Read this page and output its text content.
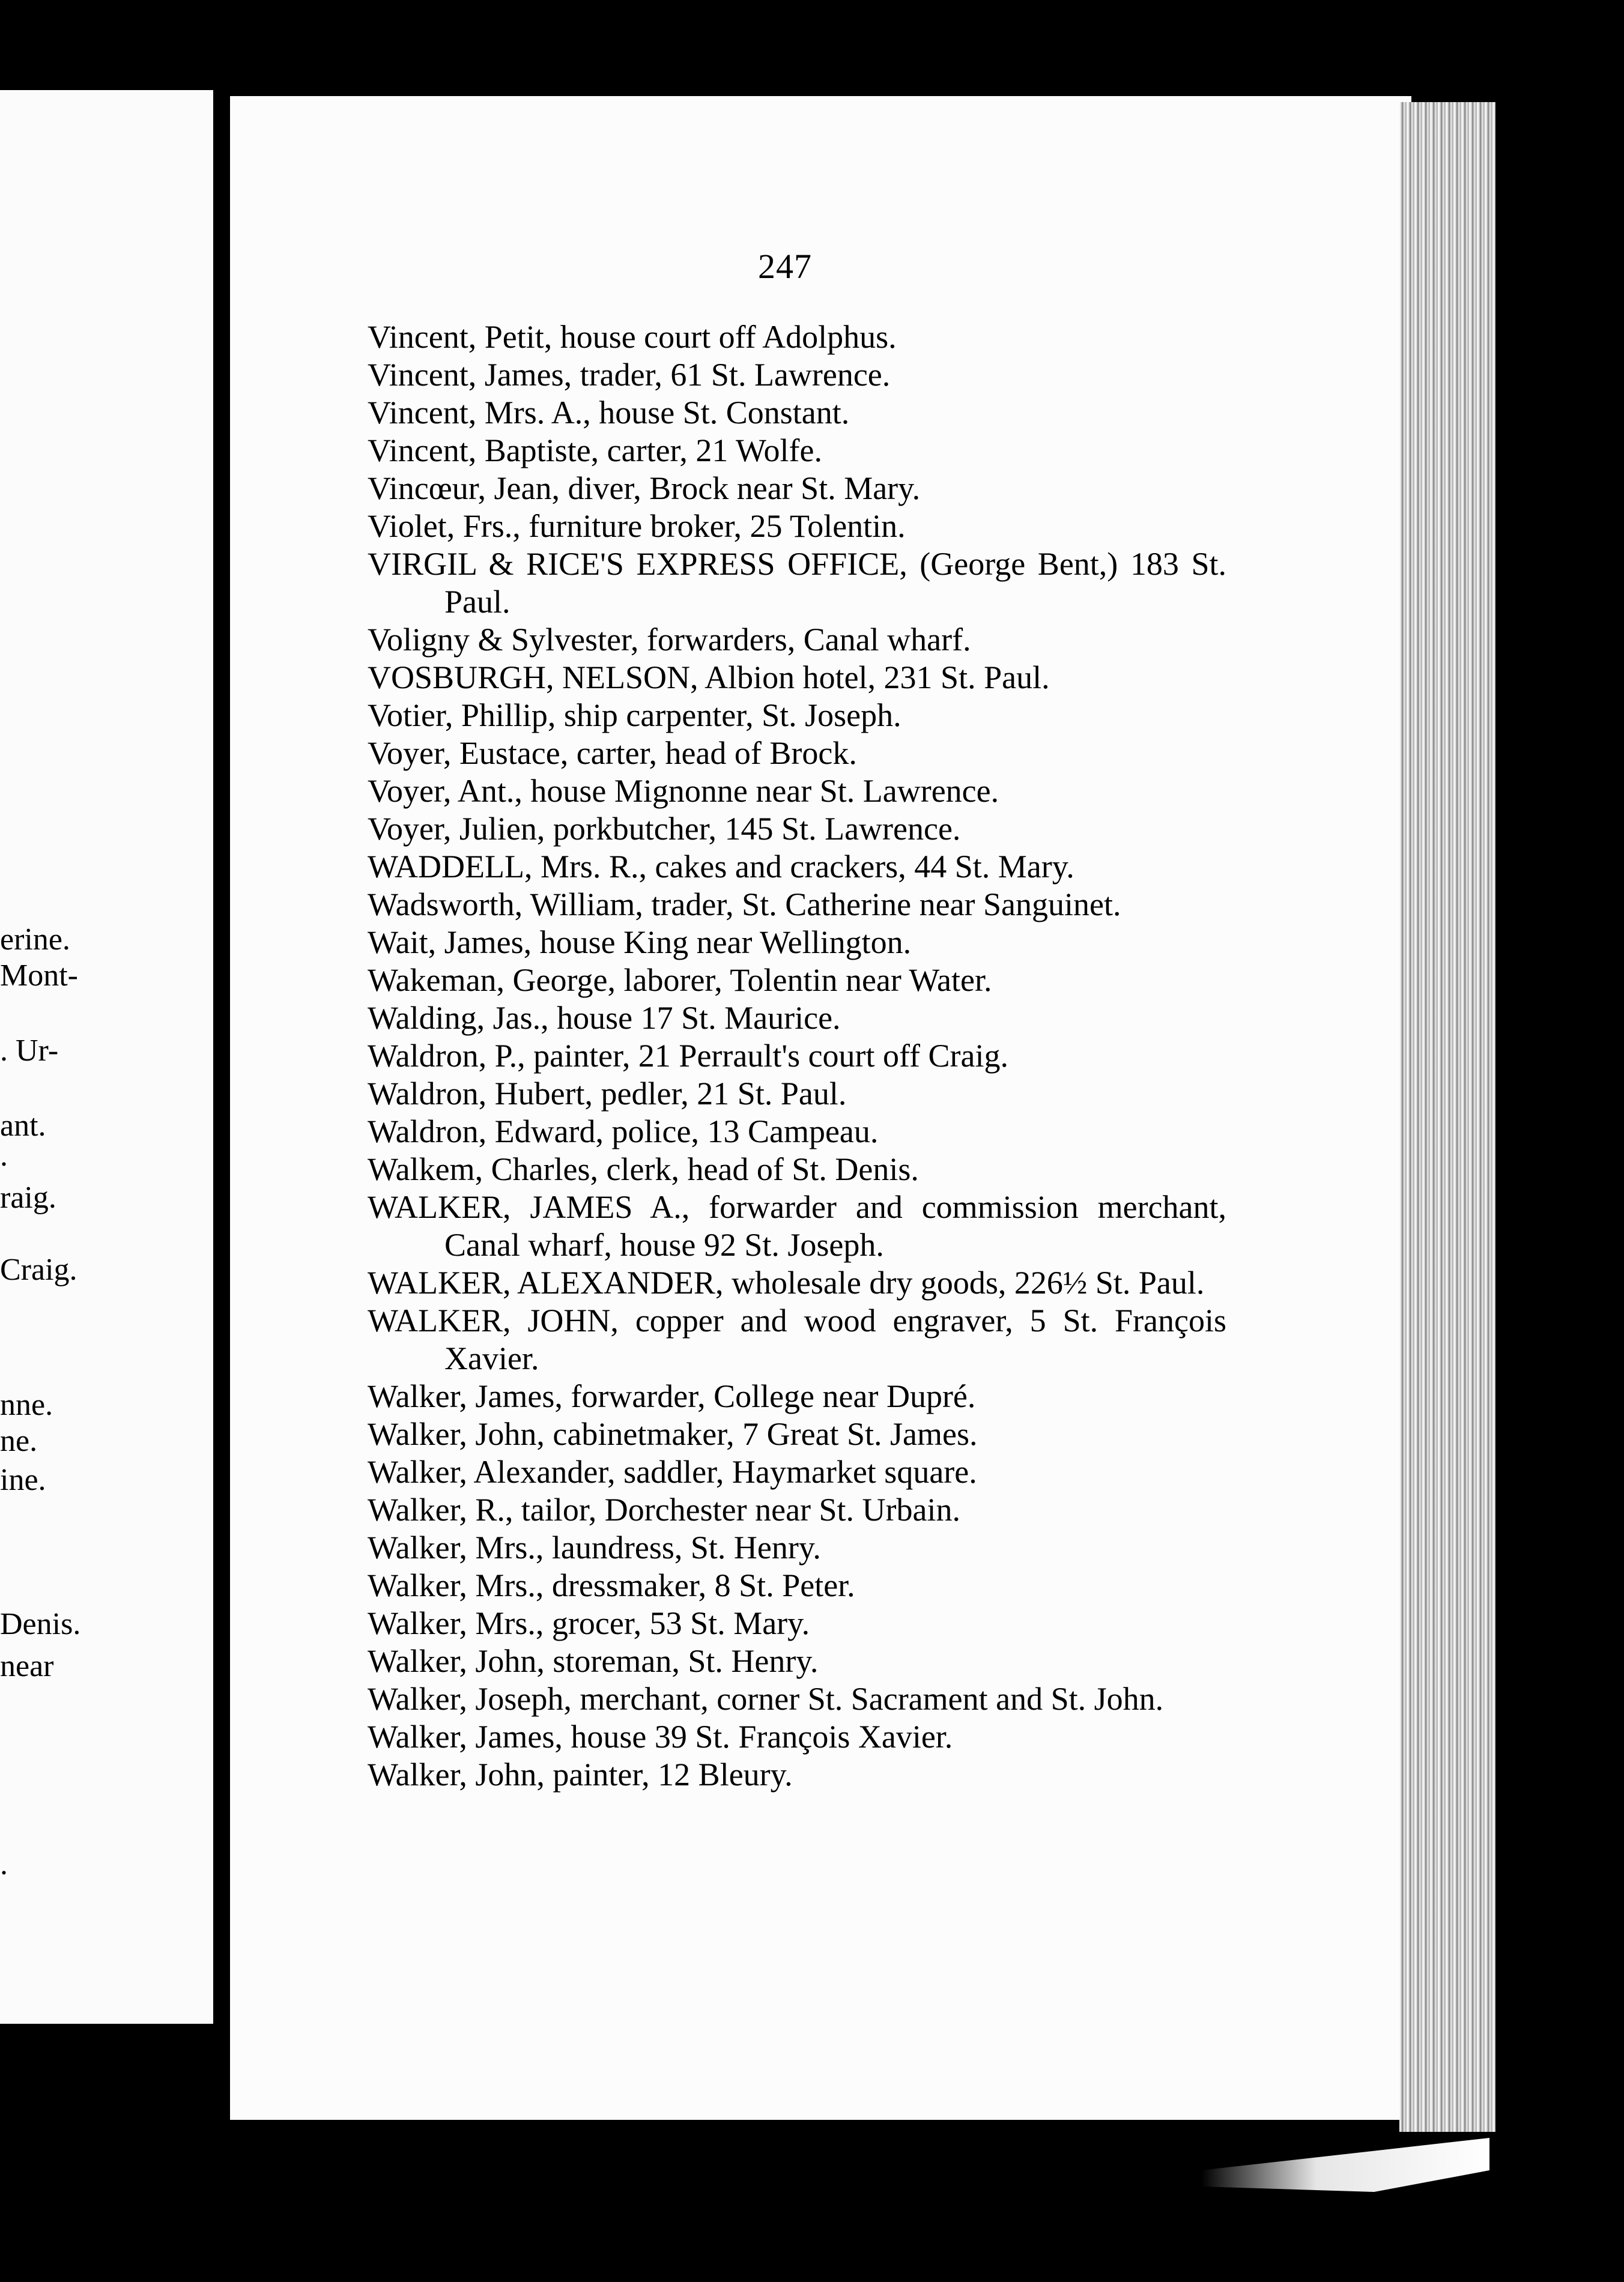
erine.
Mont-
. Ur-
ant.
.
raig.
Craig.
nne.
ne.
ine.
Denis.
near
.
247
Vincent, Petit, house court off Adolphus.
Vincent, James, trader, 61 St. Lawrence.
Vincent, Mrs. A., house St. Constant.
Vincent, Baptiste, carter, 21 Wolfe.
Vincœur, Jean, diver, Brock near St. Mary.
Violet, Frs., furniture broker, 25 Tolentin.
VIRGIL & RICE'S EXPRESS OFFICE, (George Bent,) 183 St. Paul.
Voligny & Sylvester, forwarders, Canal wharf.
VOSBURGH, NELSON, Albion hotel, 231 St. Paul.
Votier, Phillip, ship carpenter, St. Joseph.
Voyer, Eustace, carter, head of Brock.
Voyer, Ant., house Mignonne near St. Lawrence.
Voyer, Julien, porkbutcher, 145 St. Lawrence.
WADDELL, Mrs. R., cakes and crackers, 44 St. Mary.
Wadsworth, William, trader, St. Catherine near Sanguinet.
Wait, James, house King near Wellington.
Wakeman, George, laborer, Tolentin near Water.
Walding, Jas., house 17 St. Maurice.
Waldron, P., painter, 21 Perrault's court off Craig.
Waldron, Hubert, pedler, 21 St. Paul.
Waldron, Edward, police, 13 Campeau.
Walkem, Charles, clerk, head of St. Denis.
WALKER, JAMES A., forwarder and commission merchant, Canal wharf, house 92 St. Joseph.
WALKER, ALEXANDER, wholesale dry goods, 226½ St. Paul.
WALKER, JOHN, copper and wood engraver, 5 St. François Xavier.
Walker, James, forwarder, College near Dupré.
Walker, John, cabinetmaker, 7 Great St. James.
Walker, Alexander, saddler, Haymarket square.
Walker, R., tailor, Dorchester near St. Urbain.
Walker, Mrs., laundress, St. Henry.
Walker, Mrs., dressmaker, 8 St. Peter.
Walker, Mrs., grocer, 53 St. Mary.
Walker, John, storeman, St. Henry.
Walker, Joseph, merchant, corner St. Sacrament and St. John.
Walker, James, house 39 St. François Xavier.
Walker, John, painter, 12 Bleury.
